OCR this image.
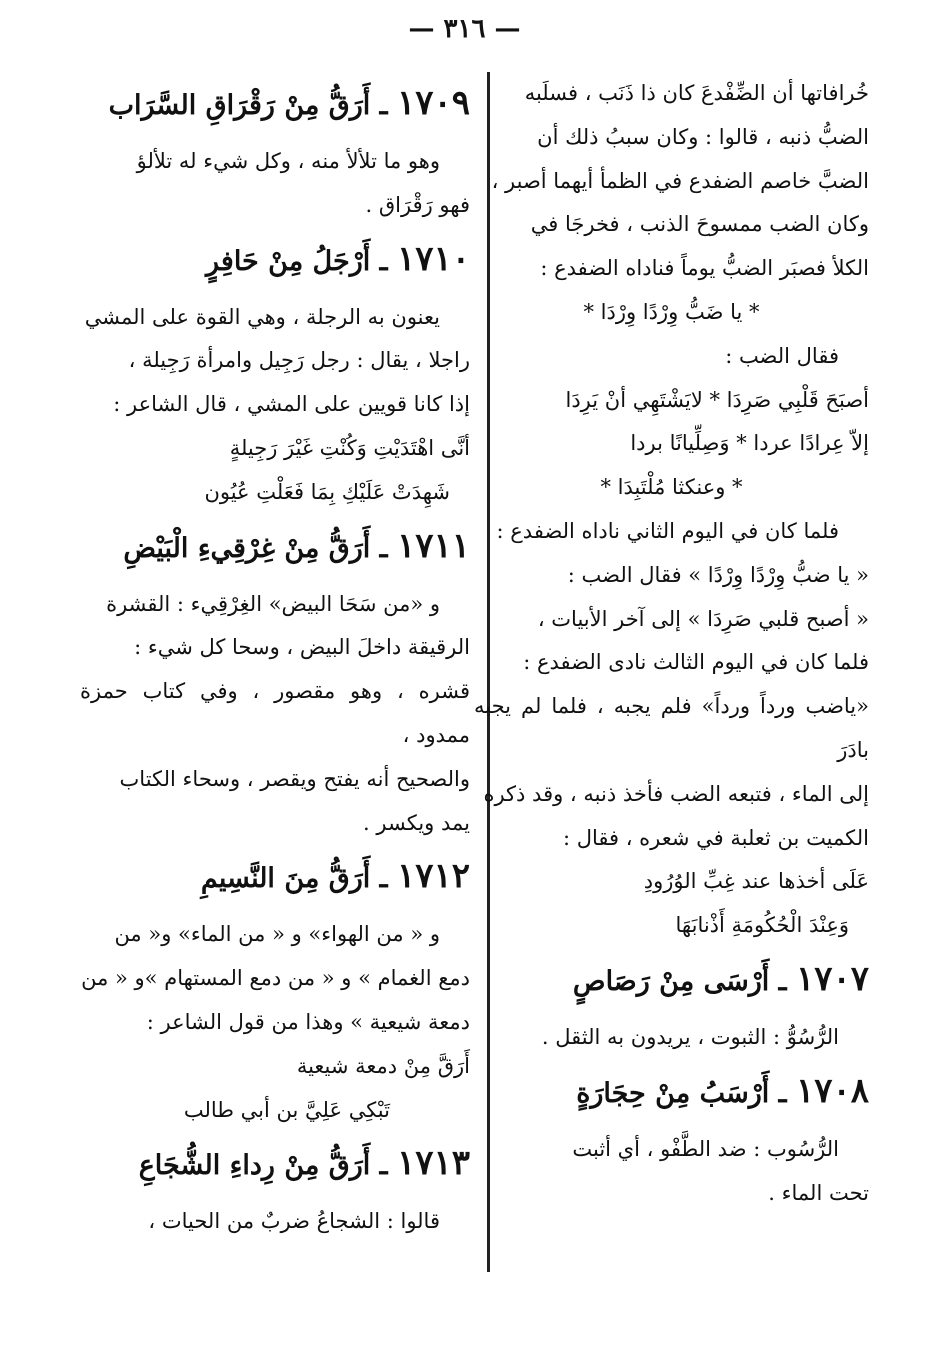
— ٣١٦ —

خُرافاتها أن الضِّفْدعَ كان ذا ذَنَب ، فسلَبه

الضبُّ ذنبه ، قالوا : وكان سببُ ذلك أن

الضبَّ خاصم الضفدع في الظمأ أيهما أصبر ،

وكان الضب ممسوحَ الذنب ، فخرجَا في

الكلأ فصبَر الضبُّ يوماً فناداه الضفدع :

* يا ضَبُّ وِرْدًا وِرْدَا *

فقال الضب :

أصبَحَ قَلْبِي صَرِدَا * لايَشْتَهِي أنْ يَرِدَا

إلاّ عِرادًا عردا * وَصِلِّيانًا بردا

* وعنكثا مُلْتَبِدَا *

فلما كان في اليوم الثاني ناداه الضفدع :

« يا ضبُّ وِرْدًا وِرْدًا » فقال الضب :

« أصبح قلبي صَرِدَا » إلى آخر الأبيات ،

فلما كان في اليوم الثالث نادى الضفدع :

«ياضب ورداً ورداً» فلم يجبه ، فلما لم يجبه بادَرَ

إلى الماء ، فتبعه الضب فأخذ ذنبه ، وقد ذكره

الكميت بن ثعلبة في شعره ، فقال :

عَلَى أخذها عند غِبِّ الوُرُودِ

وَعِنْدَ الْحُكُومَةِ أَذْنابَهَا

١٧٠٧ ـ أَرْسَى مِنْ رَصَاصٍ

الرُّسُوُّ : الثبوت ، يريدون به الثقل .

١٧٠٨ ـ أَرْسَبُ مِنْ حِجَارَةٍ

الرُّسُوب : ضد الطَّفْو ، أي أثبت

تحت الماء .

١٧٠٩ ـ أَرَقُّ مِنْ رَقْرَاقِ السَّرَاب

وهو ما تلألأ منه ، وكل شيء له تلألؤ

فهو رَقْرَاق .

١٧١٠ ـ أَرْجَلُ مِنْ حَافِرٍ

يعنون به الرجلة ، وهي القوة على المشي

راجلا ، يقال : رجل رَجِيل وامرأة رَجِيلة ،

إذا كانا قويين على المشي ، قال الشاعر :

أنَّى اهْتَدَيْتِ وَكُنْتِ غَيْرَ رَجِيلةٍ

شَهِدَتْ عَلَيْكِ بِمَا فَعَلْتِ عُيُون

١٧١١ ـ أَرَقُّ مِنْ غِرْقِيءِ الْبَيْضِ

و «من سَحَا البيض» الغِرْقِيء : القشرة

الرقيقة داخلَ البيض ، وسحا كل شيء :

قشره ، وهو مقصور ، وفي كتاب حمزة ممدود ،

والصحيح أنه يفتح ويقصر ، وسحاء الكتاب

يمد ويكسر .

١٧١٢ ـ أَرَقُّ مِنَ النَّسِيمِ

و « من الهواء» و « من الماء» و« من

دمع الغمام » و « من دمع المستهام »و « من

دمعة شيعية » وهذا من قول الشاعر :

أَرَقَّ مِنْ دمعة شيعية

تَبْكِي عَلِيَّ بن أبي طالب

١٧١٣ ـ أَرَقُّ مِنْ رِداءِ الشُّجَاعِ

قالوا : الشجاعُ ضربٌ من الحيات ،
